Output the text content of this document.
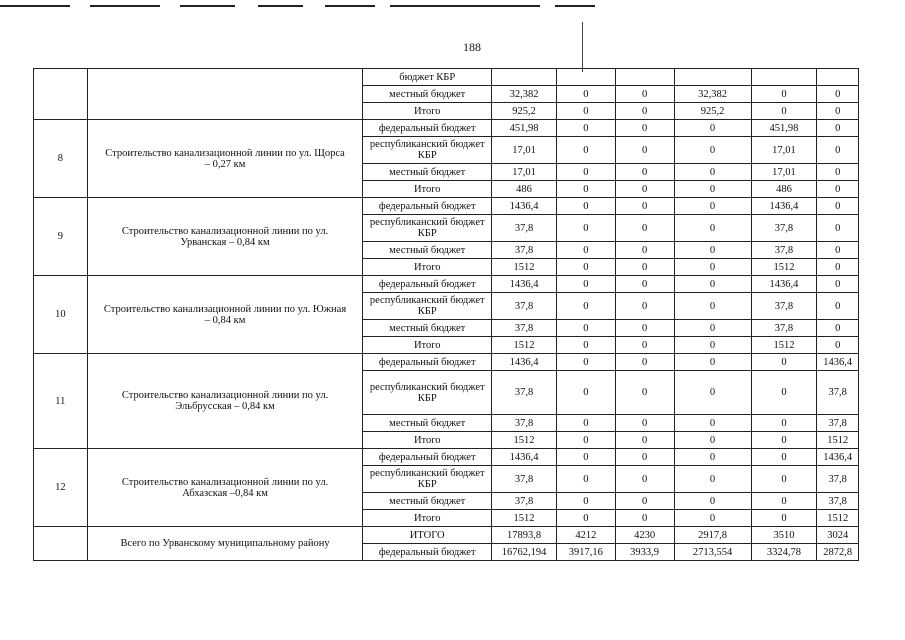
188
		бюджет КБР						
		местный бюджет	32,382	0	0	32,382	0	0
		Итого	925,2	0	0	925,2	0	0
8	Строительство канализационной линии по ул. Щорса – 0,27 км	федеральный бюджет	451,98	0	0	0	451,98	0
		республиканский бюджет КБР	17,01	0	0	0	17,01	0
		местный бюджет	17,01	0	0	0	17,01	0
		Итого	486	0	0	0	486	0
9	Строительство канализационной линии по ул. Урванская – 0,84 км	федеральный бюджет	1436,4	0	0	0	1436,4	0
		республиканский бюджет КБР	37,8	0	0	0	37,8	0
		местный бюджет	37,8	0	0	0	37,8	0
		Итого	1512	0	0	0	1512	0
10	Строительство канализационной линии по ул. Южная – 0,84 км	федеральный бюджет	1436,4	0	0	0	1436,4	0
		республиканский бюджет КБР	37,8	0	0	0	37,8	0
		местный бюджет	37,8	0	0	0	37,8	0
		Итого	1512	0	0	0	1512	0
11	Строительство канализационной линии по ул. Эльбрусская – 0,84 км	федеральный бюджет	1436,4	0	0	0	0	1436,4
		республиканский бюджет КБР	37,8	0	0	0	0	37,8
		местный бюджет	37,8	0	0	0	0	37,8
		Итого	1512	0	0	0	0	1512
12	Строительство канализационной линии по ул. Абхазская –0,84 км	федеральный бюджет	1436,4	0	0	0	0	1436,4
		республиканский бюджет КБР	37,8	0	0	0	0	37,8
		местный бюджет	37,8	0	0	0	0	37,8
		Итого	1512	0	0	0	0	1512
	Всего по Урванскому муниципальному району	ИТОГО	17893,8	4212	4230	2917,8	3510	3024
		федеральный бюджет	16762,194	3917,16	3933,9	2713,554	3324,78	2872,8
